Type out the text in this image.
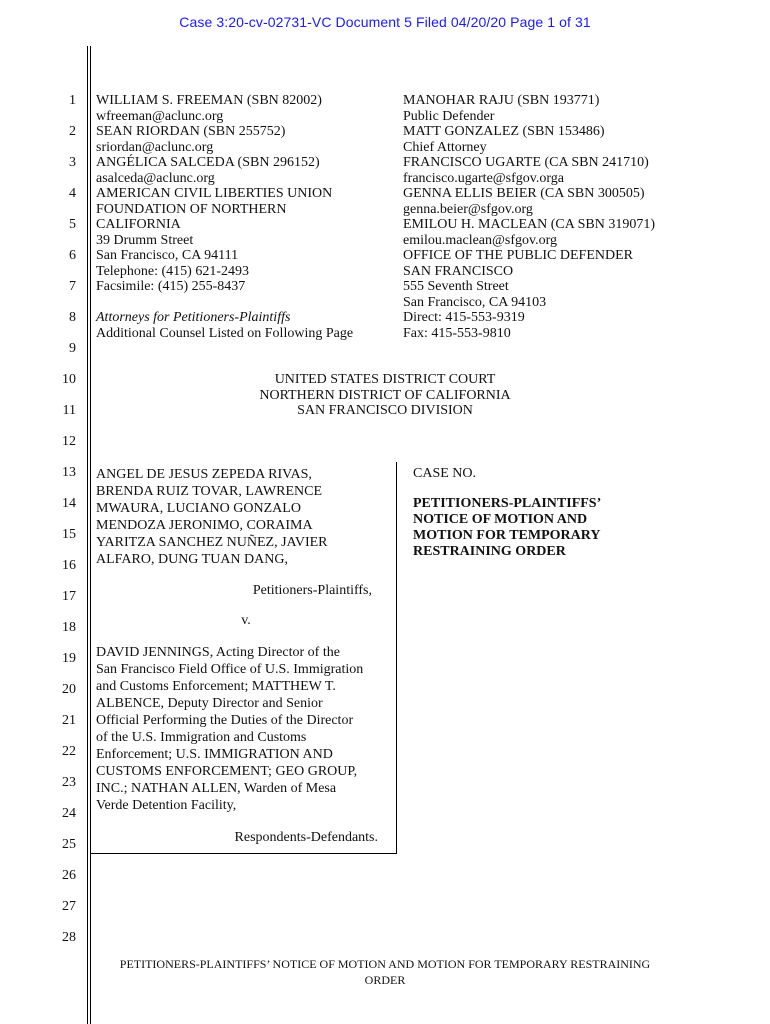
Case 3:20-cv-02731-VC Document 5 Filed 04/20/20 Page 1 of 31
1
2
3
4
5
6
7
8
9
10
11
12
13
14
15
16
17
18
19
20
21
22
23
24
25
26
27
28
WILLIAM S. FREEMAN (SBN 82002)
wfreeman@aclunc.org
SEAN RIORDAN (SBN 255752)
sriordan@aclunc.org
ANGÉLICA SALCEDA (SBN 296152)
asalceda@aclunc.org
AMERICAN CIVIL LIBERTIES UNION
FOUNDATION OF NORTHERN
CALIFORNIA
39 Drumm Street
San Francisco, CA 94111
Telephone: (415) 621-2493
Facsimile: (415) 255-8437
Attorneys for Petitioners-Plaintiffs
Additional Counsel Listed on Following Page
MANOHAR RAJU (SBN 193771)
Public Defender
MATT GONZALEZ (SBN 153486)
Chief Attorney
FRANCISCO UGARTE (CA SBN 241710)
francisco.ugarte@sfgov.orga
GENNA ELLIS BEIER (CA SBN 300505)
genna.beier@sfgov.org
EMILOU H. MACLEAN (CA SBN 319071)
emilou.maclean@sfgov.org
OFFICE OF THE PUBLIC DEFENDER
SAN FRANCISCO
555 Seventh Street
San Francisco, CA 94103
Direct: 415-553-9319
Fax: 415-553-9810
UNITED STATES DISTRICT COURT
NORTHERN DISTRICT OF CALIFORNIA
SAN FRANCISCO DIVISION
ANGEL DE JESUS ZEPEDA RIVAS,
BRENDA RUIZ TOVAR, LAWRENCE
MWAURA, LUCIANO GONZALO
MENDOZA JERONIMO, CORAIMA
YARITZA SANCHEZ NUÑEZ, JAVIER
ALFARO, DUNG TUAN DANG,
Petitioners-Plaintiffs,
v.
DAVID JENNINGS, Acting Director of the
San Francisco Field Office of U.S. Immigration
and Customs Enforcement; MATTHEW T.
ALBENCE, Deputy Director and Senior
Official Performing the Duties of the Director
of the U.S. Immigration and Customs
Enforcement; U.S. IMMIGRATION AND
CUSTOMS ENFORCEMENT; GEO GROUP,
INC.; NATHAN ALLEN, Warden of Mesa
Verde Detention Facility,
Respondents-Defendants.
CASE NO.
PETITIONERS-PLAINTIFFS’
NOTICE OF MOTION AND
MOTION FOR TEMPORARY
RESTRAINING ORDER
PETITIONERS-PLAINTIFFS’ NOTICE OF MOTION AND MOTION FOR TEMPORARY RESTRAINING ORDER
